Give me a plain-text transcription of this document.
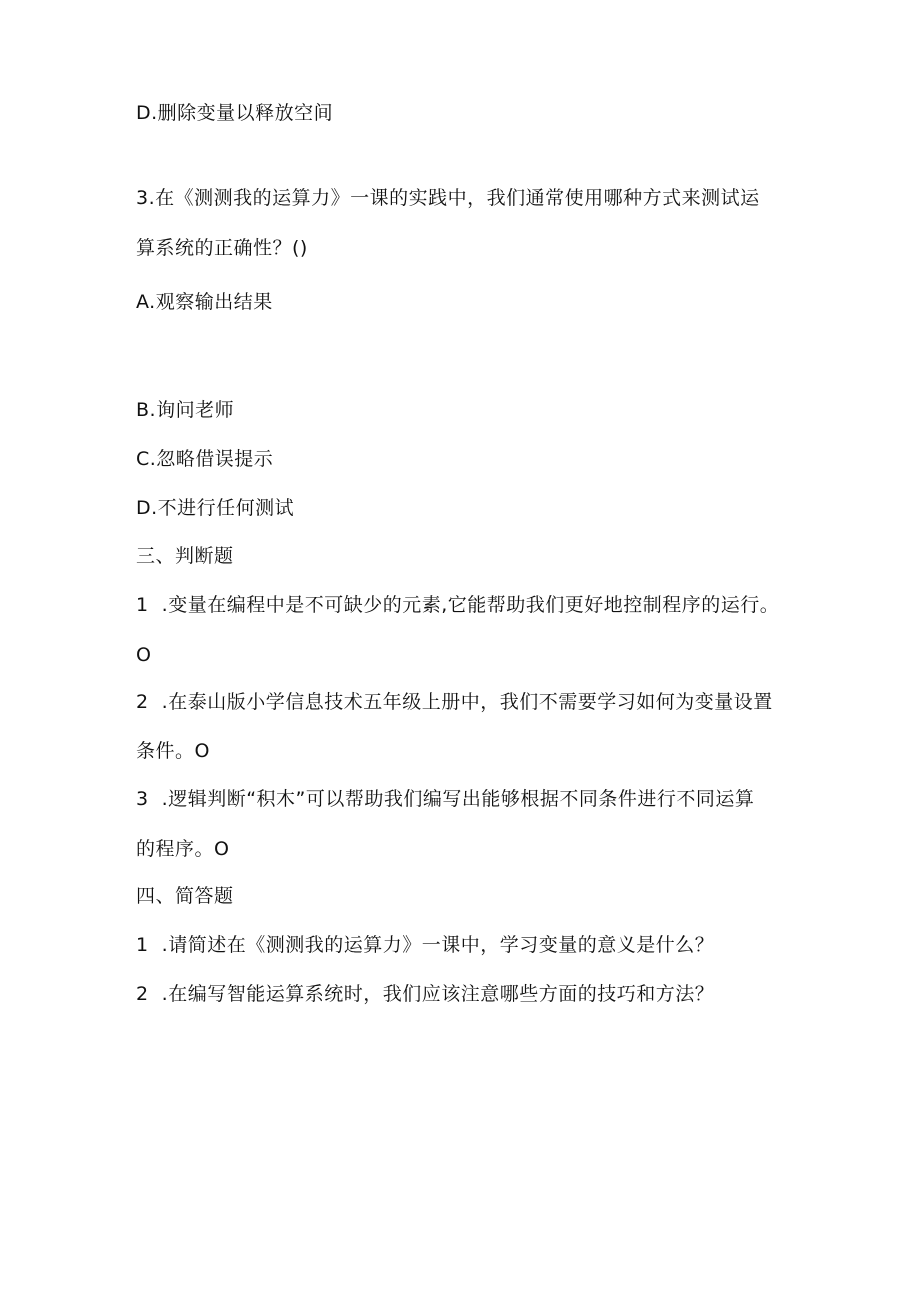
D.删除变量以释放空间
3.在《测测我的运算力》一课的实践中，我们通常使用哪种方式来测试运
算系统的正确性？()
A.观察输出结果
B.询问老师
C.忽略借误提示
D.不进行任何测试
三、判断题
1  .变量在编程中是不可缺少的元素,它能帮助我们更好地控制程序的运行。
O
2  .在泰山版小学信息技术五年级上册中，我们不需要学习如何为变量设置
条件。O
3  .逻辑判断“积木”可以帮助我们编写出能够根据不同条件进行不同运算
的程序。O
四、简答题
1  .请简述在《测测我的运算力》一课中，学习变量的意义是什么？
2  .在编写智能运算系统时，我们应该注意哪些方面的技巧和方法？
